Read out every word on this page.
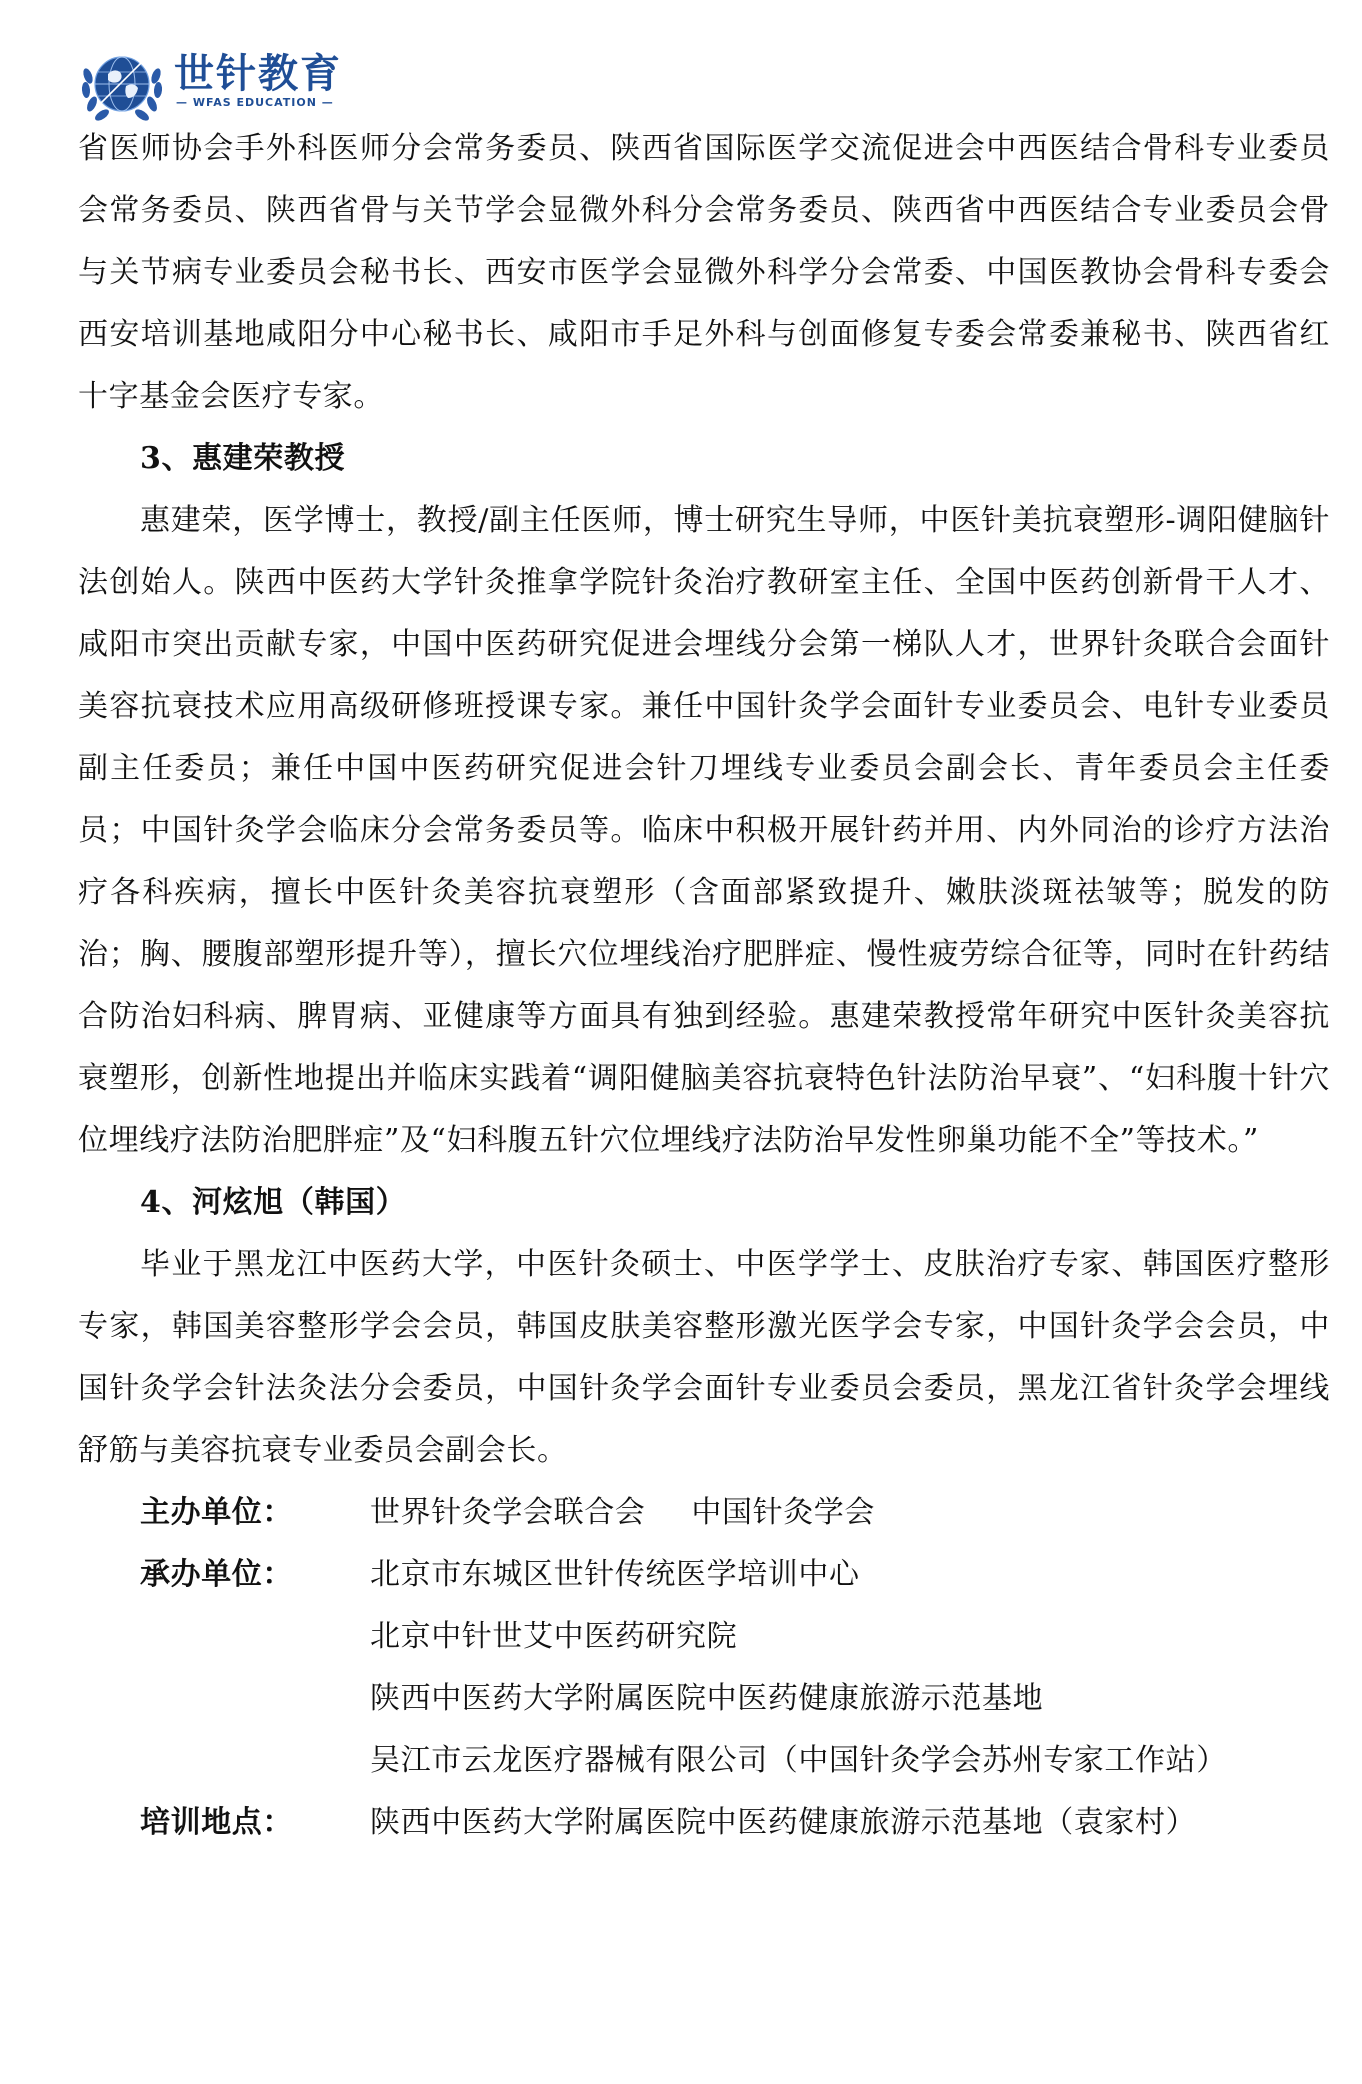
世针教育
— WFAS EDUCATION —

省医师协会手外科医师分会常务委员、陕西省国际医学交流促进会中西医结合骨科专业委员会常务委员、陕西省骨与关节学会显微外科分会常务委员、陕西省中西医结合专业委员会骨与关节病专业委员会秘书长、西安市医学会显微外科学分会常委、中国医教协会骨科专委会西安培训基地咸阳分中心秘书长、咸阳市手足外科与创面修复专委会常委兼秘书、陕西省红十字基金会医疗专家。

3、惠建荣教授

惠建荣，医学博士，教授/副主任医师，博士研究生导师，中医针美抗衰塑形-调阳健脑针法创始人。陕西中医药大学针灸推拿学院针灸治疗教研室主任、全国中医药创新骨干人才、咸阳市突出贡献专家，中国中医药研究促进会埋线分会第一梯队人才，世界针灸联合会面针美容抗衰技术应用高级研修班授课专家。兼任中国针灸学会面针专业委员会、电针专业委员副主任委员；兼任中国中医药研究促进会针刀埋线专业委员会副会长、青年委员会主任委员；中国针灸学会临床分会常务委员等。临床中积极开展针药并用、内外同治的诊疗方法治疗各科疾病，擅长中医针灸美容抗衰塑形（含面部紧致提升、嫩肤淡斑祛皱等；脱发的防治；胸、腰腹部塑形提升等），擅长穴位埋线治疗肥胖症、慢性疲劳综合征等，同时在针药结合防治妇科病、脾胃病、亚健康等方面具有独到经验。惠建荣教授常年研究中医针灸美容抗衰塑形，创新性地提出并临床实践着“调阳健脑美容抗衰特色针法防治早衰”、“妇科腹十针穴位埋线疗法防治肥胖症”及“妇科腹五针穴位埋线疗法防治早发性卵巢功能不全”等技术。”

4、河炫旭（韩国）

毕业于黑龙江中医药大学，中医针灸硕士、中医学学士、皮肤治疗专家、韩国医疗整形专家，韩国美容整形学会会员，韩国皮肤美容整形激光医学会专家，中国针灸学会会员，中国针灸学会针法灸法分会委员，中国针灸学会面针专业委员会委员，黑龙江省针灸学会埋线舒筋与美容抗衰专业委员会副会长。

主办单位：	世界针灸学会联合会 中国针灸学会
承办单位：	北京市东城区世针传统医学培训中心
北京中针世艾中医药研究院
陕西中医药大学附属医院中医药健康旅游示范基地
吴江市云龙医疗器械有限公司（中国针灸学会苏州专家工作站）
培训地点：	陕西中医药大学附属医院中医药健康旅游示范基地（袁家村）
